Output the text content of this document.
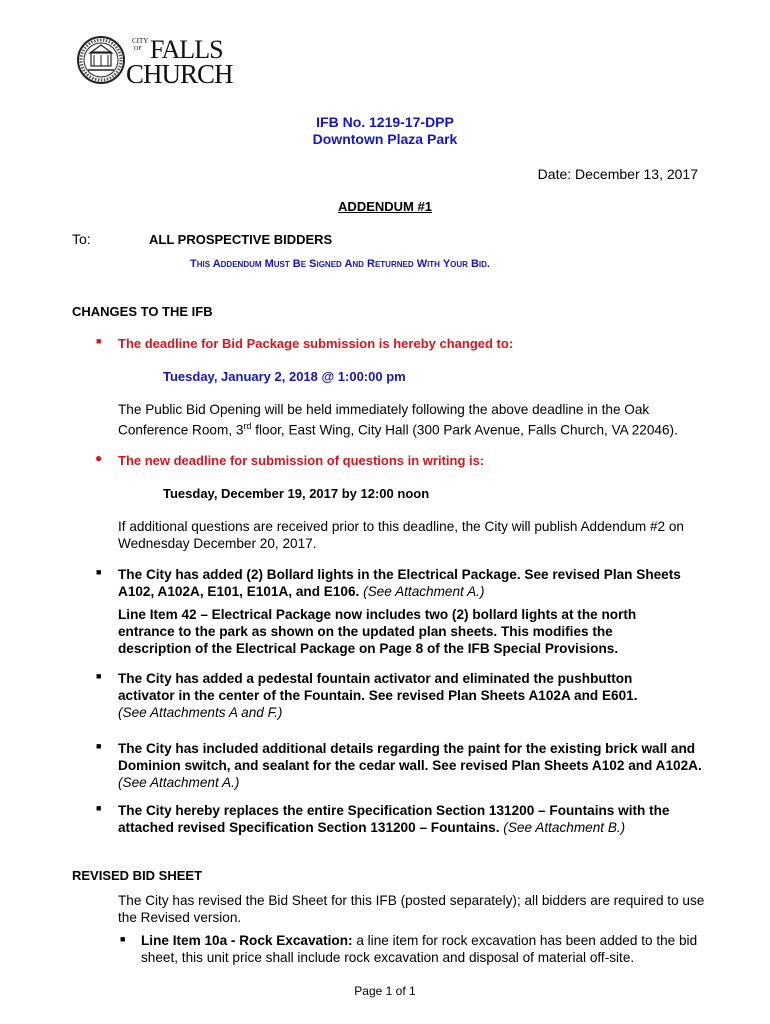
CITY
OF FALLS
CHURCH
IFB No. 1219-17-DPP
Downtown Plaza Park
Date: December 13, 2017
ADDENDUM #1
To:	ALL PROSPECTIVE BIDDERS
This Addendum Must Be Signed And Returned With Your Bid.
CHANGES TO THE IFB
■ The deadline for Bid Package submission is hereby changed to:
Tuesday, January 2, 2018 @ 1:00:00 pm
The Public Bid Opening will be held immediately following the above deadline in the Oak Conference Room, 3rd floor, East Wing, City Hall (300 Park Avenue, Falls Church, VA 22046).
● The new deadline for submission of questions in writing is:
Tuesday, December 19, 2017 by 12:00 noon
If additional questions are received prior to this deadline, the City will publish Addendum #2 on Wednesday December 20, 2017.
■ The City has added (2) Bollard lights in the Electrical Package. See revised Plan Sheets A102, A102A, E101, E101A, and E106. (See Attachment A.)
Line Item 42 – Electrical Package now includes two (2) bollard lights at the north entrance to the park as shown on the updated plan sheets. This modifies the description of the Electrical Package on Page 8 of the IFB Special Provisions.
■ The City has added a pedestal fountain activator and eliminated the pushbutton activator in the center of the Fountain. See revised Plan Sheets A102A and E601.
(See Attachments A and F.)
■ The City has included additional details regarding the paint for the existing brick wall and Dominion switch, and sealant for the cedar wall. See revised Plan Sheets A102 and A102A. (See Attachment A.)
■ The City hereby replaces the entire Specification Section 131200 – Fountains with the attached revised Specification Section 131200 – Fountains. (See Attachment B.)
REVISED BID SHEET
The City has revised the Bid Sheet for this IFB (posted separately); all bidders are required to use the Revised version.
■ Line Item 10a - Rock Excavation: a line item for rock excavation has been added to the bid sheet, this unit price shall include rock excavation and disposal of material off-site.
Page 1 of 1
